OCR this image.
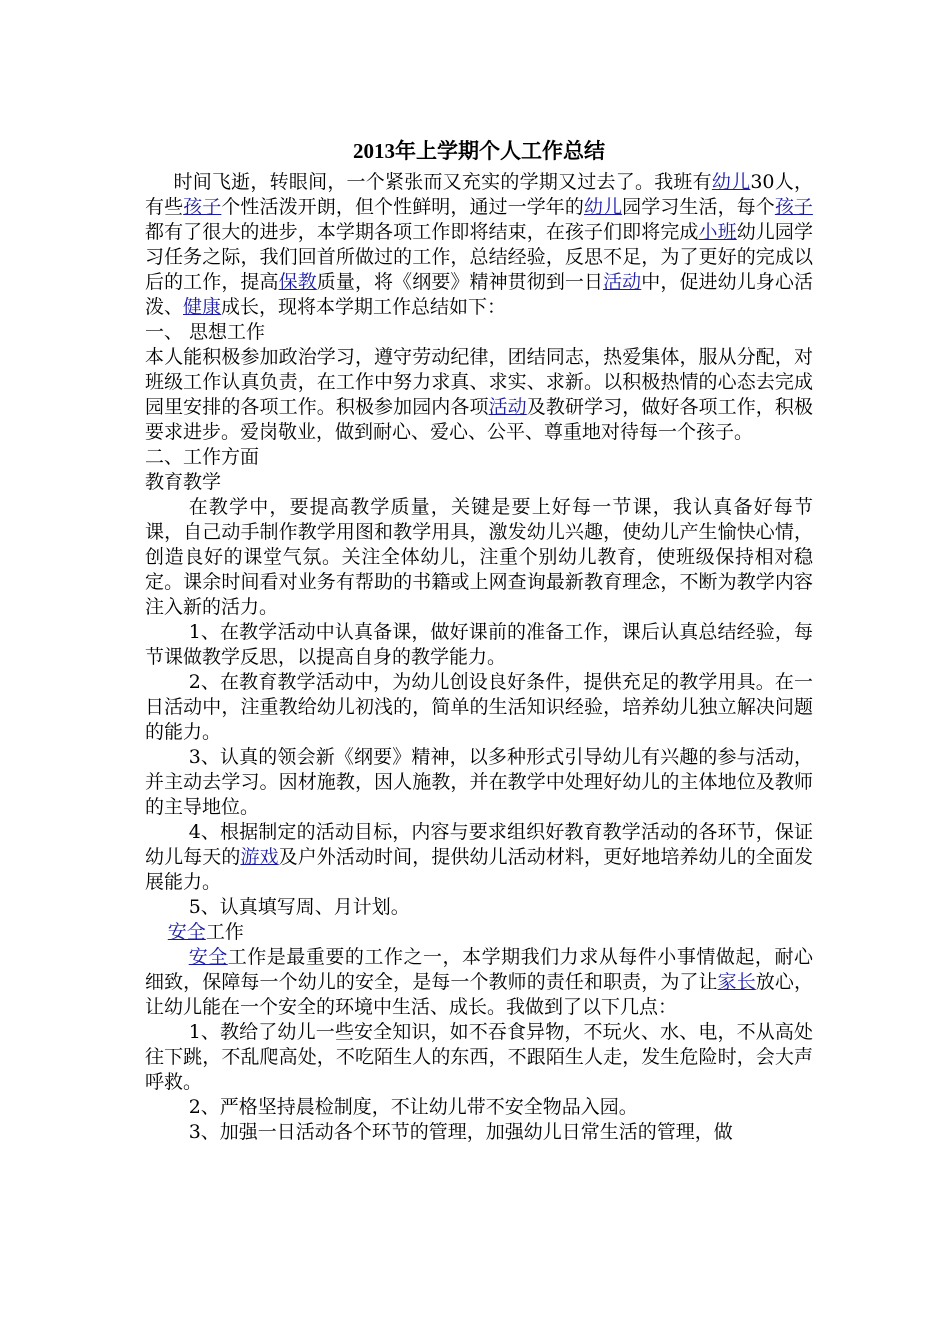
2013年上学期个人工作总结

时间飞逝，转眼间，一个紧张而又充实的学期又过去了。我班有幼儿30人，有些孩子个性活泼开朗，但个性鲜明，通过一学年的幼儿园学习生活，每个孩子都有了很大的进步，本学期各项工作即将结束，在孩子们即将完成小班幼儿园学习任务之际，我们回首所做过的工作，总结经验，反思不足，为了更好的完成以后的工作，提高保教质量，将《纲要》精神贯彻到一日活动中，促进幼儿身心活泼、健康成长，现将本学期工作总结如下：

一、 思想工作

本人能积极参加政治学习，遵守劳动纪律，团结同志，热爱集体，服从分配，对班级工作认真负责，在工作中努力求真、求实、求新。以积极热情的心态去完成园里安排的各项工作。积极参加园内各项活动及教研学习，做好各项工作，积极要求进步。爱岗敬业，做到耐心、爱心、公平、尊重地对待每一个孩子。

二、工作方面

教育教学

在教学中，要提高教学质量，关键是要上好每一节课，我认真备好每节课，自己动手制作教学用图和教学用具，激发幼儿兴趣，使幼儿产生愉快心情，创造良好的课堂气氛。关注全体幼儿，注重个别幼儿教育，使班级保持相对稳定。课余时间看对业务有帮助的书籍或上网查询最新教育理念，不断为教学内容注入新的活力。

1、在教学活动中认真备课，做好课前的准备工作，课后认真总结经验，每节课做教学反思，以提高自身的教学能力。

2、在教育教学活动中，为幼儿创设良好条件，提供充足的教学用具。在一日活动中，注重教给幼儿初浅的，简单的生活知识经验，培养幼儿独立解决问题的能力。

3、认真的领会新《纲要》精神，以多种形式引导幼儿有兴趣的参与活动，并主动去学习。因材施教，因人施教，并在教学中处理好幼儿的主体地位及教师的主导地位。

4、根据制定的活动目标，内容与要求组织好教育教学活动的各环节，保证幼儿每天的游戏及户外活动时间，提供幼儿活动材料，更好地培养幼儿的全面发展能力。

5、认真填写周、月计划。

安全工作

安全工作是最重要的工作之一，本学期我们力求从每件小事情做起，耐心细致，保障每一个幼儿的安全，是每一个教师的责任和职责，为了让家长放心，让幼儿能在一个安全的环境中生活、成长。我做到了以下几点：

1、教给了幼儿一些安全知识，如不吞食异物，不玩火、水、电，不从高处往下跳，不乱爬高处，不吃陌生人的东西，不跟陌生人走，发生危险时，会大声呼救。

2、严格坚持晨检制度，不让幼儿带不安全物品入园。

3、加强一日活动各个环节的管理，加强幼儿日常生活的管理，做
